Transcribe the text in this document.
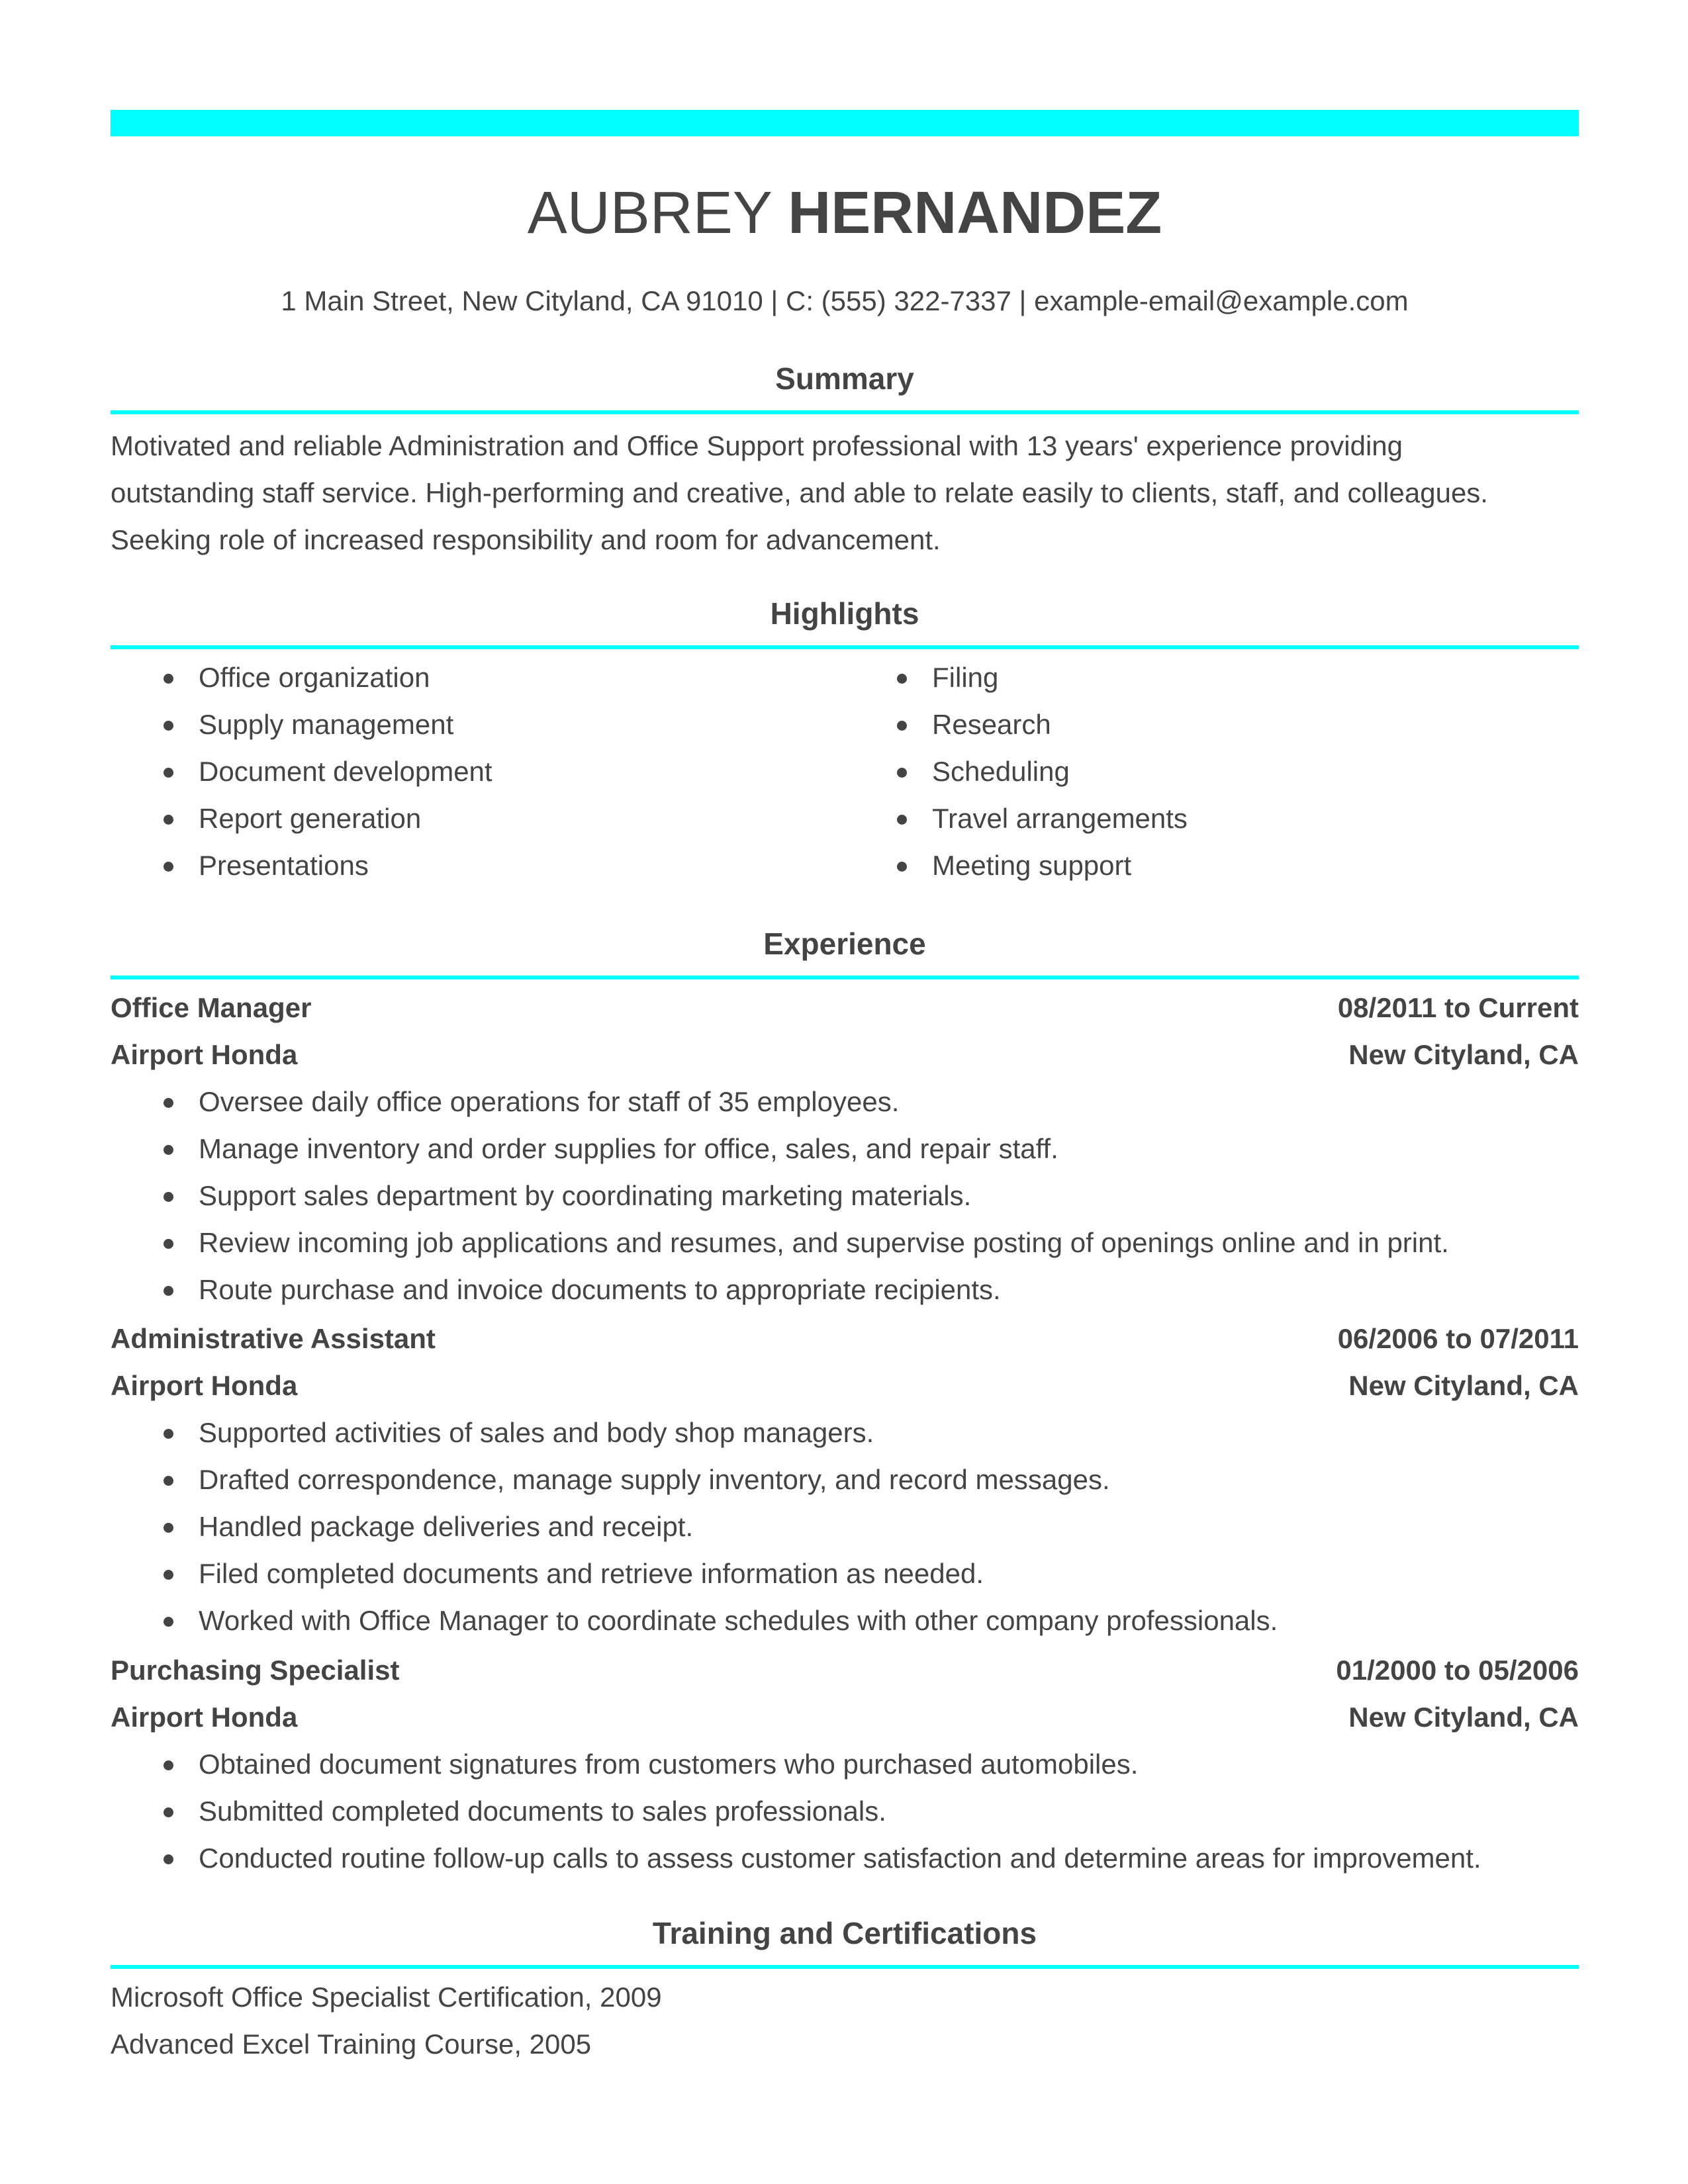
AUBREY HERNANDEZ
1 Main Street, New Cityland, CA 91010 | C: (555) 322-7337 | example-email@example.com
Summary
Motivated and reliable Administration and Office Support professional with 13 years' experience providing
outstanding staff service. High-performing and creative, and able to relate easily to clients, staff, and colleagues.
Seeking role of increased responsibility and room for advancement.
Highlights
Office organization
Supply management
Document development
Report generation
Presentations
Filing
Research
Scheduling
Travel arrangements
Meeting support
Experience
Office Manager	08/2011 to Current
Airport Honda	New Cityland, CA
Oversee daily office operations for staff of 35 employees.
Manage inventory and order supplies for office, sales, and repair staff.
Support sales department by coordinating marketing materials.
Review incoming job applications and resumes, and supervise posting of openings online and in print.
Route purchase and invoice documents to appropriate recipients.
Administrative Assistant	06/2006 to 07/2011
Airport Honda	New Cityland, CA
Supported activities of sales and body shop managers.
Drafted correspondence, manage supply inventory, and record messages.
Handled package deliveries and receipt.
Filed completed documents and retrieve information as needed.
Worked with Office Manager to coordinate schedules with other company professionals.
Purchasing Specialist	01/2000 to 05/2006
Airport Honda	New Cityland, CA
Obtained document signatures from customers who purchased automobiles.
Submitted completed documents to sales professionals.
Conducted routine follow-up calls to assess customer satisfaction and determine areas for improvement.
Training and Certifications
Microsoft Office Specialist Certification, 2009
Advanced Excel Training Course, 2005
